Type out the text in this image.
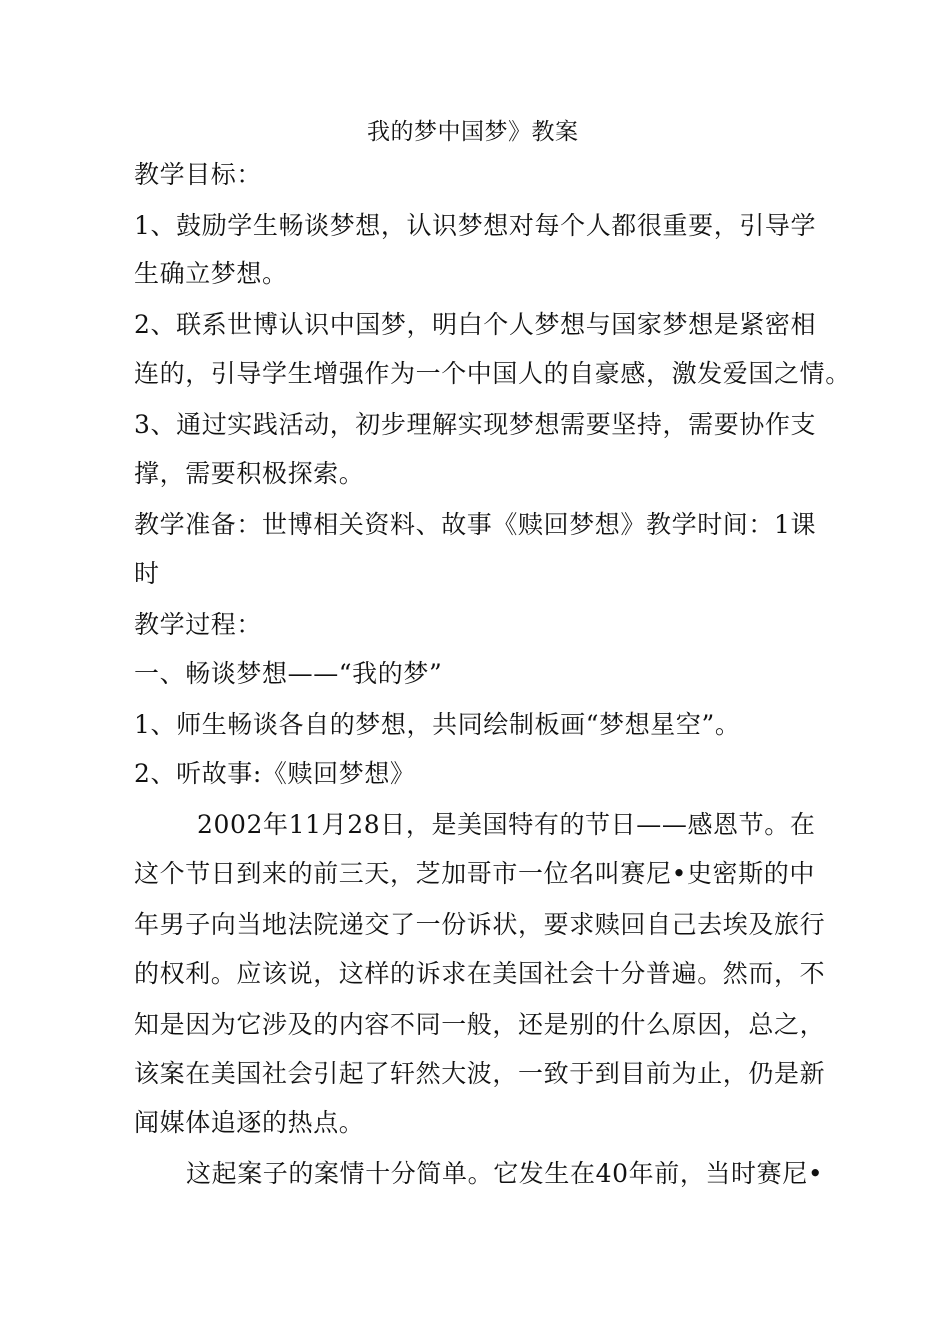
我的梦中国梦》教案
教学目标：
1、鼓励学生畅谈梦想，认识梦想对每个人都很重要，引导学
生确立梦想。
2、联系世博认识中国梦，明白个人梦想与国家梦想是紧密相
连的，引导学生增强作为一个中国人的自豪感，激发爱国之情。
3、通过实践活动，初步理解实现梦想需要坚持，需要协作支
撑，需要积极探索。
教学准备：世博相关资料、故事《赎回梦想》教学时间：1课
时
教学过程：
一、畅谈梦想——“我的梦”
1、师生畅谈各自的梦想，共同绘制板画“梦想星空”。
2、听故事:《赎回梦想》
2002年11月28日，是美国特有的节日——感恩节。在
这个节日到来的前三天，芝加哥市一位名叫赛尼•史密斯的中
年男子向当地法院递交了一份诉状，要求赎回自己去埃及旅行
的权利。应该说，这样的诉求在美国社会十分普遍。然而，不
知是因为它涉及的内容不同一般，还是别的什么原因，总之，
该案在美国社会引起了轩然大波，一致于到目前为止，仍是新
闻媒体追逐的热点。
这起案子的案情十分简单。它发生在40年前，当时赛尼•
